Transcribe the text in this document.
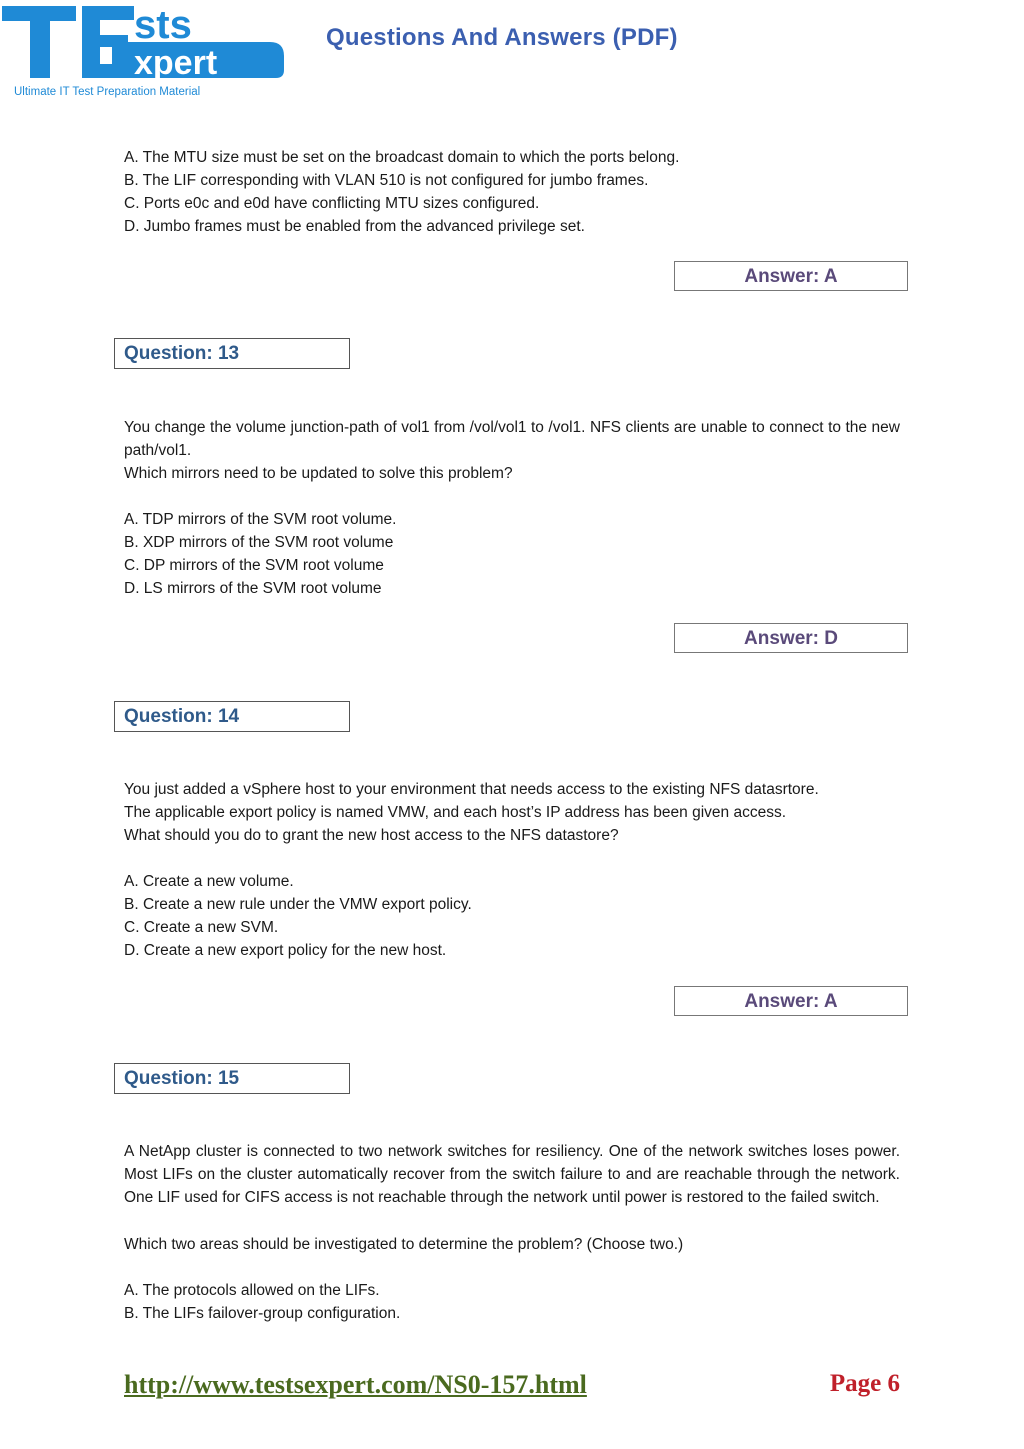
sts
xpert
Ultimate IT Test Preparation Material
Questions And Answers (PDF)

A. The MTU size must be set on the broadcast domain to which the ports belong.

B. The LIF corresponding with VLAN 510 is not configured for jumbo frames.

C. Ports e0c and e0d have conflicting MTU sizes configured.

D. Jumbo frames must be enabled from the advanced privilege set.

Answer: A
Question: 13
You change the volume junction-path of vol1 from /vol/vol1 to /vol1. NFS clients are unable to connect to the new path/vol1.
Which mirrors need to be updated to solve this problem?

A. TDP mirrors of the SVM root volume.

B. XDP mirrors of the SVM root volume

C. DP mirrors of the SVM root volume

D. LS mirrors of the SVM root volume

Answer: D
Question: 14

You just added a vSphere host to your environment that needs access to the existing NFS datasrtore.

The applicable export policy is named VMW, and each host’s IP address has been given access.

What should you do to grant the new host access to the NFS datastore?

A. Create a new volume.

B. Create a new rule under the VMW export policy.

C. Create a new SVM.

D. Create a new export policy for the new host.

Answer: A
Question: 15
A NetApp cluster is connected to two network switches for resiliency. One of the network switches loses power. Most LIFs on the cluster automatically recover from the switch failure to and are reachable through the network. One LIF used for CIFS access is not reachable through the network until power is restored to the failed switch.
Which two areas should be investigated to determine the problem? (Choose two.)

A. The protocols allowed on the LIFs.

B. The LIFs failover-group configuration.

http://www.testsexpert.com/NS0-157.html	Page 6
